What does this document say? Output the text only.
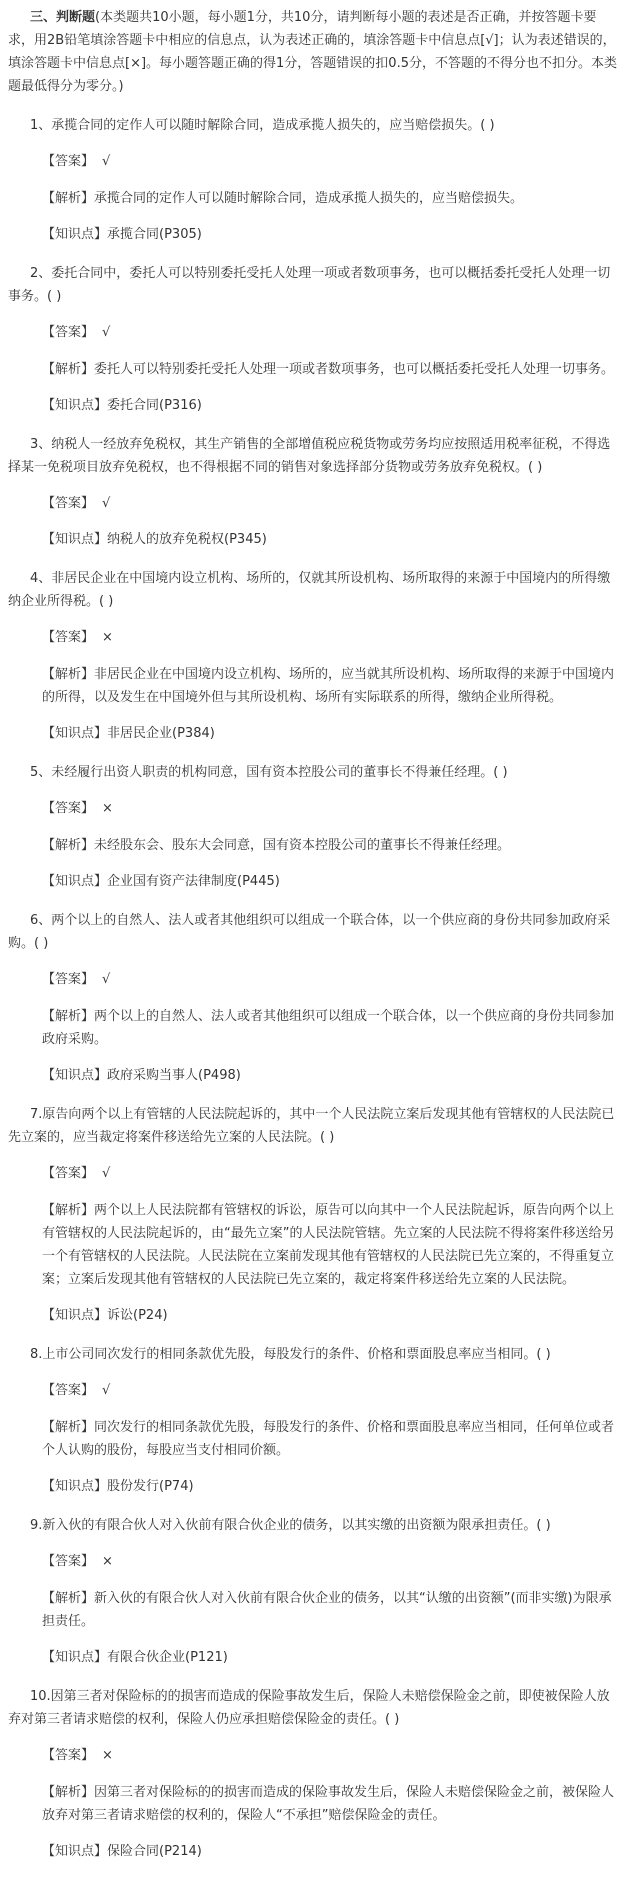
三、判断题(本类题共10小题，每小题1分，共10分，请判断每小题的表述是否正确，并按答题卡要求，用2B铅笔填涂答题卡中相应的信息点，认为表述正确的，填涂答题卡中信息点[√]；认为表述错误的，填涂答题卡中信息点[×]。每小题答题正确的得1分，答题错误的扣0.5分，不答题的不得分也不扣分。本类题最低得分为零分。)
1、承揽合同的定作人可以随时解除合同，造成承揽人损失的，应当赔偿损失。( )
【答案】 √
【解析】承揽合同的定作人可以随时解除合同，造成承揽人损失的，应当赔偿损失。
【知识点】承揽合同(P305)
2、委托合同中，委托人可以特别委托受托人处理一项或者数项事务，也可以概括委托受托人处理一切事务。( )
【答案】 √
【解析】委托人可以特别委托受托人处理一项或者数项事务，也可以概括委托受托人处理一切事务。
【知识点】委托合同(P316)
3、纳税人一经放弃免税权，其生产销售的全部增值税应税货物或劳务均应按照适用税率征税，不得选择某一免税项目放弃免税权，也不得根据不同的销售对象选择部分货物或劳务放弃免税权。( )
【答案】 √
【知识点】纳税人的放弃免税权(P345)
4、非居民企业在中国境内设立机构、场所的，仅就其所设机构、场所取得的来源于中国境内的所得缴纳企业所得税。( )
【答案】 ×
【解析】非居民企业在中国境内设立机构、场所的，应当就其所设机构、场所取得的来源于中国境内的所得，以及发生在中国境外但与其所设机构、场所有实际联系的所得，缴纳企业所得税。
【知识点】非居民企业(P384)
5、未经履行出资人职责的机构同意，国有资本控股公司的董事长不得兼任经理。( )
【答案】 ×
【解析】未经股东会、股东大会同意，国有资本控股公司的董事长不得兼任经理。
【知识点】企业国有资产法律制度(P445)
6、两个以上的自然人、法人或者其他组织可以组成一个联合体，以一个供应商的身份共同参加政府采购。( )
【答案】 √
【解析】两个以上的自然人、法人或者其他组织可以组成一个联合体，以一个供应商的身份共同参加政府采购。
【知识点】政府采购当事人(P498)
7.原告向两个以上有管辖的人民法院起诉的，其中一个人民法院立案后发现其他有管辖权的人民法院已先立案的，应当裁定将案件移送给先立案的人民法院。( )
【答案】 √
【解析】两个以上人民法院都有管辖权的诉讼，原告可以向其中一个人民法院起诉，原告向两个以上有管辖权的人民法院起诉的，由“最先立案”的人民法院管辖。先立案的人民法院不得将案件移送给另一个有管辖权的人民法院。人民法院在立案前发现其他有管辖权的人民法院已先立案的，不得重复立案；立案后发现其他有管辖权的人民法院已先立案的，裁定将案件移送给先立案的人民法院。
【知识点】诉讼(P24)
8.上市公司同次发行的相同条款优先股，每股发行的条件、价格和票面股息率应当相同。( )
【答案】 √
【解析】同次发行的相同条款优先股，每股发行的条件、价格和票面股息率应当相同，任何单位或者个人认购的股份，每股应当支付相同价额。
【知识点】股份发行(P74)
9.新入伙的有限合伙人对入伙前有限合伙企业的债务，以其实缴的出资额为限承担责任。( )
【答案】 ×
【解析】新入伙的有限合伙人对入伙前有限合伙企业的债务，以其“认缴的出资额”(而非实缴)为限承担责任。
【知识点】有限合伙企业(P121)
10.因第三者对保险标的的损害而造成的保险事故发生后，保险人未赔偿保险金之前，即使被保险人放弃对第三者请求赔偿的权利，保险人仍应承担赔偿保险金的责任。( )
【答案】 ×
【解析】因第三者对保险标的的损害而造成的保险事故发生后，保险人未赔偿保险金之前，被保险人放弃对第三者请求赔偿的权利的，保险人“不承担”赔偿保险金的责任。
【知识点】保险合同(P214)
